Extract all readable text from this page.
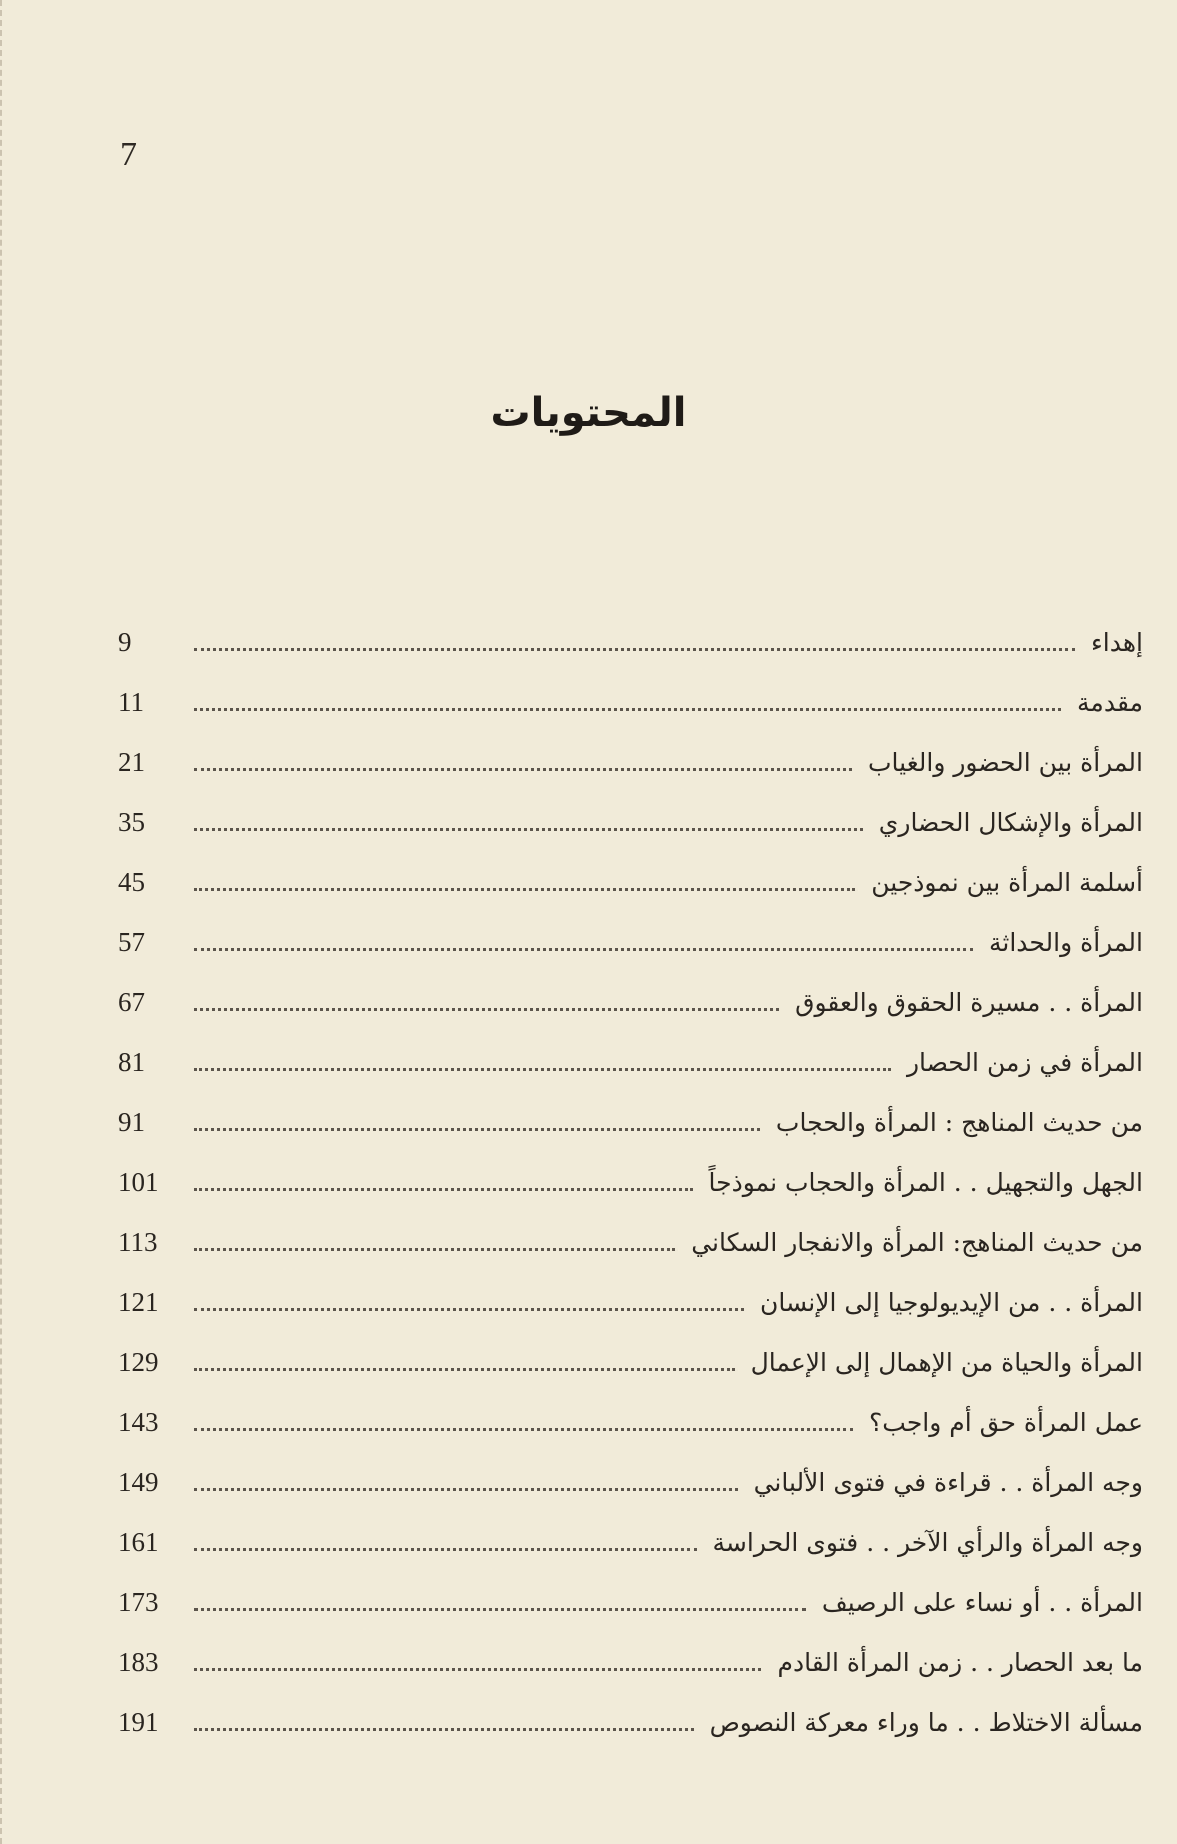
7
المحتويات
إهداء
9
مقدمة
11
المرأة بين الحضور والغياب
21
المرأة والإشكال الحضاري
35
أسلمة المرأة بين نموذجين
45
المرأة والحداثة
57
المرأة . . مسيرة الحقوق والعقوق
67
المرأة في زمن الحصار
81
من حديث المناهج : المرأة والحجاب
91
الجهل والتجهيل . . المرأة والحجاب نموذجاً
101
من حديث المناهج: المرأة والانفجار السكاني
113
المرأة . . من الإيديولوجيا إلى الإنسان
121
المرأة والحياة من الإهمال إلى الإعمال
129
عمل المرأة حق أم واجب؟
143
وجه المرأة . . قراءة في فتوى الألباني
149
وجه المرأة والرأي الآخر . . فتوى الحراسة
161
المرأة . . أو نساء على الرصيف
173
ما بعد الحصار . . زمن المرأة القادم
183
مسألة الاختلاط . . ما وراء معركة النصوص
191
